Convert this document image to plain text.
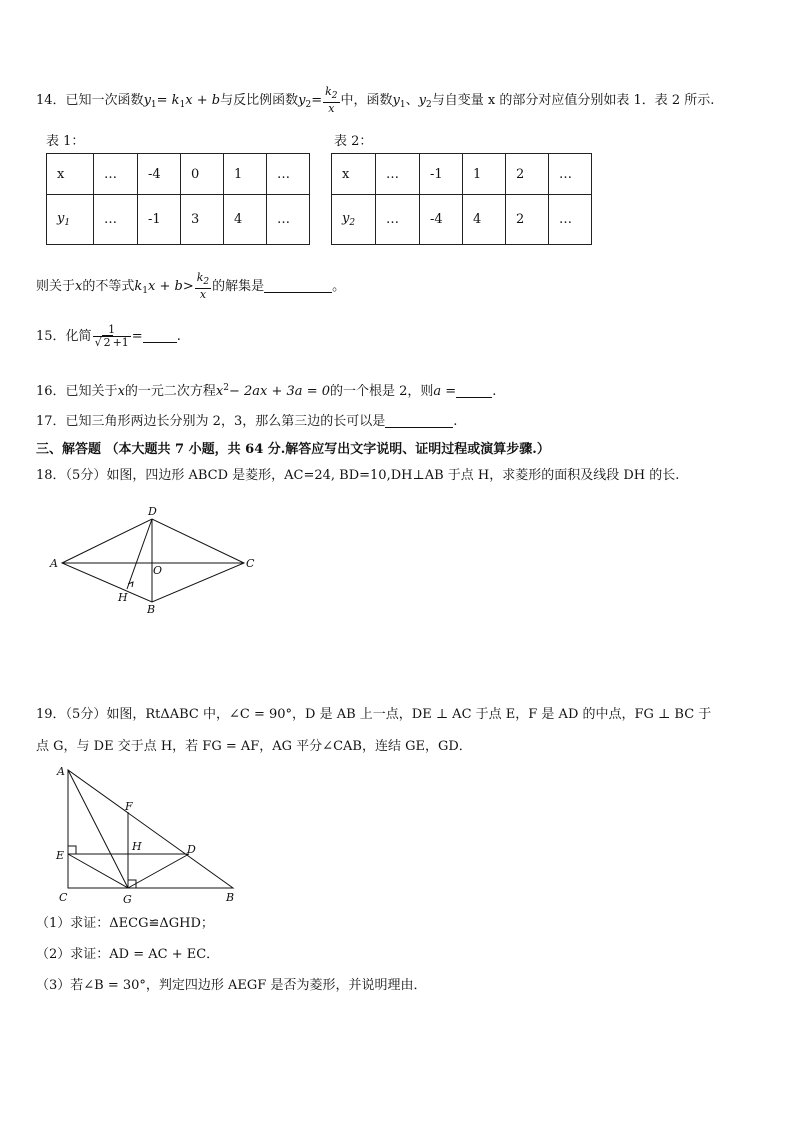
14．已知一次函数$y_1= k_1x + b$与反比例函数$y_2= \frac{k_2}{x}$ 中，函数$y_1$、$y_2$与自变量 x 的部分对应值分别如表 1．表 2 所示.
表 1：	表 2：
x	…	-4	0	1	…
$y_1$	…	-1	3	4	…
x	…	-1	1	2	…
$y_2$	…	-4	4	2	…
则关于x的不等式$k_1x + b> \frac{k_2}{x}$ 的解集是	。
15．化简 $\frac{1}{√ 2 +1}$ =	.
16．已知关于x的一元二次方程$x^2- 2ax + 3a = 0$的一个根是 2，则a =	.
17．已知三角形两边长分别为 2，3，那么第三边的长可以是	.
三、解答题 （本大题共 7 小题，共 64 分.解答应写出文字说明、证明过程或演算步骤.）
18．（5分）如图，四边形 ABCD 是菱形，AC=24, BD=10,DH⊥AB 于点 H，求菱形的面积及线段 DH 的长.
A
D
C
B
O
H
19．（5分）如图，RtΔABC 中，∠C = 90°，D 是 AB 上一点，DE ⊥ AC 于点 E，F 是 AD 的中点，FG ⊥ BC 于
点 G，与 DE 交于点 H，若 FG = AF，AG 平分∠CAB，连结 GE，GD．
A
F
H
E	D
C	G	B
（1）求证：ΔECG≌ΔGHD；
（2）求证：AD = AC + EC．
（3）若∠B = 30°，判定四边形 AEGF 是否为菱形，并说明理由．
